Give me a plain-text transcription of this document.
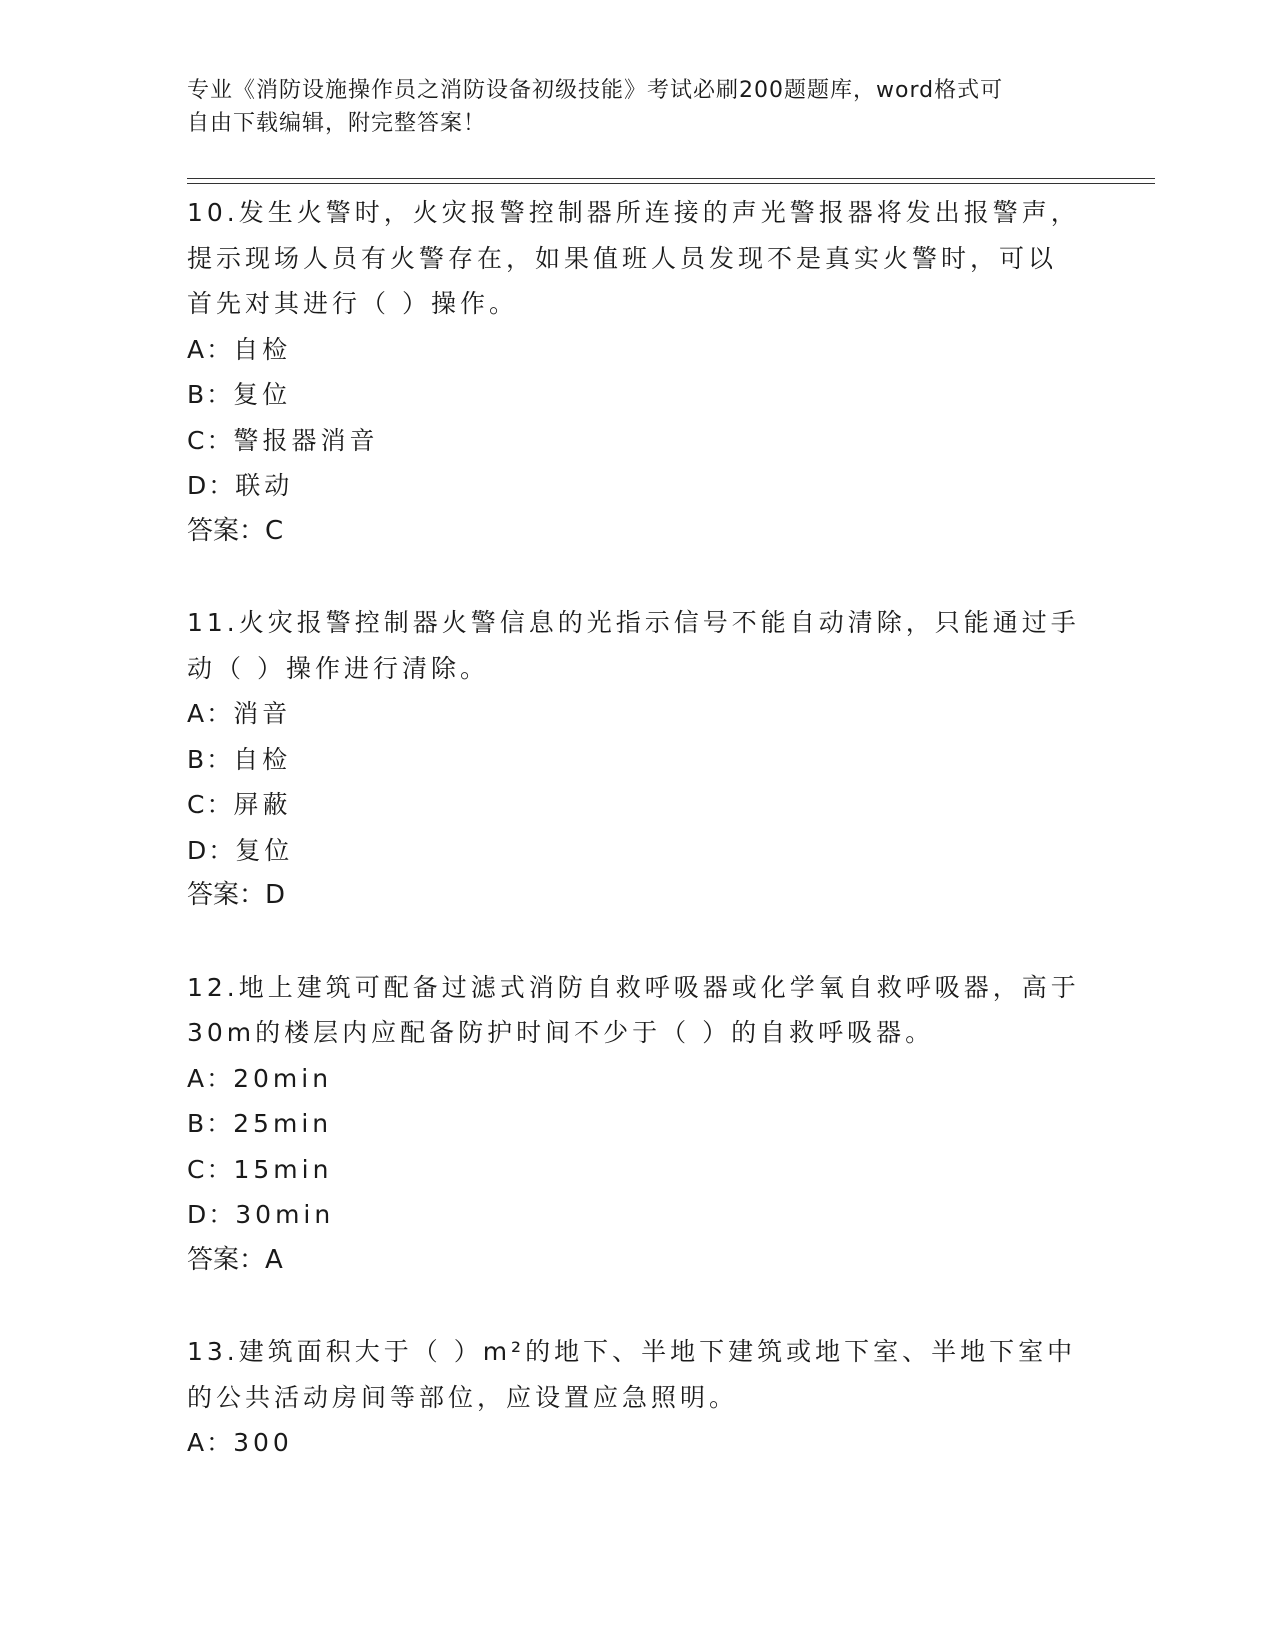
专业《消防设施操作员之消防设备初级技能》考试必刷200题题库，word格式可
自由下载编辑，附完整答案！
10.发生火警时，火灾报警控制器所连接的声光警报器将发出报警声，
提示现场人员有火警存在，如果值班人员发现不是真实火警时，可以
首先对其进行（ ）操作。
A：自检
B：复位
C：警报器消音
D：联动
答案：C
11.火灾报警控制器火警信息的光指示信号不能自动清除，只能通过手
动（ ）操作进行清除。
A：消音
B：自检
C：屏蔽
D：复位
答案：D
12.地上建筑可配备过滤式消防自救呼吸器或化学氧自救呼吸器，高于
30m的楼层内应配备防护时间不少于（ ）的自救呼吸器。
A：20min
B：25min
C：15min
D：30min
答案：A
13.建筑面积大于（ ）m²的地下、半地下建筑或地下室、半地下室中
的公共活动房间等部位，应设置应急照明。
A：300
